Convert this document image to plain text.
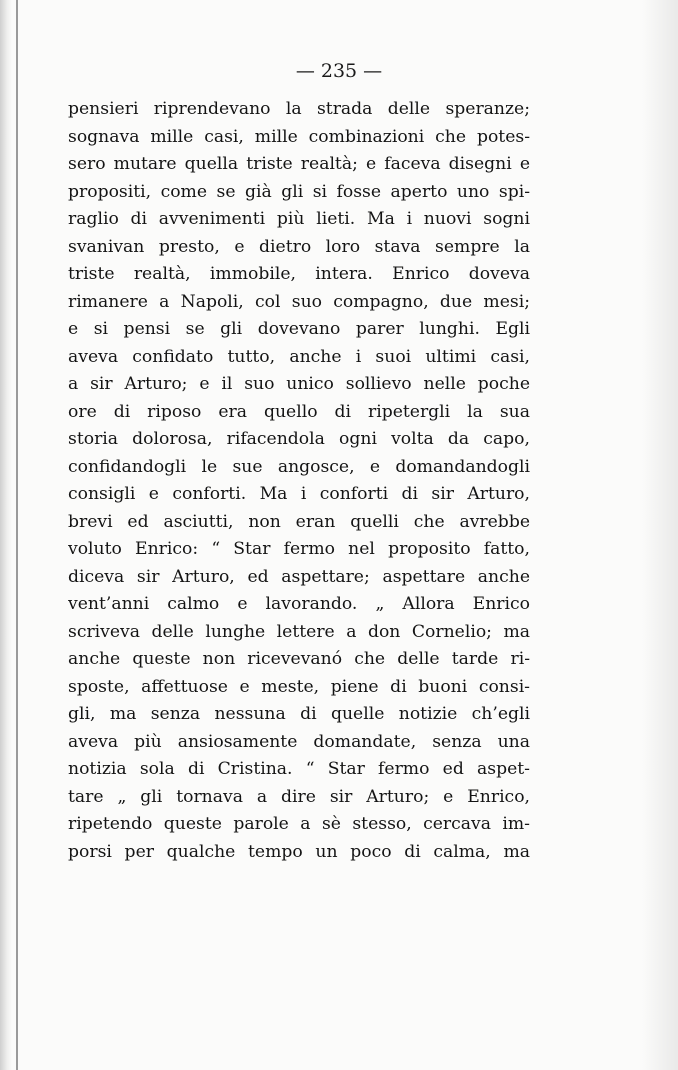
— 235 —
pensieri riprendevano la strada delle speranze;
sognava mille casi, mille combinazioni che potes-
sero mutare quella triste realtà; e faceva disegni e
propositi, come se già gli si fosse aperto uno spi-
raglio di avvenimenti più lieti. Ma i nuovi sogni
svanivan presto, e dietro loro stava sempre la
triste realtà, immobile, intera. Enrico doveva
rimanere a Napoli, col suo compagno, due mesi;
e si pensi se gli dovevano parer lunghi. Egli
aveva confidato tutto, anche i suoi ultimi casi,
a sir Arturo; e il suo unico sollievo nelle poche
ore di riposo era quello di ripetergli la sua
storia dolorosa, rifacendola ogni volta da capo,
confidandogli le sue angosce, e domandandogli
consigli e conforti. Ma i conforti di sir Arturo,
brevi ed asciutti, non eran quelli che avrebbe
voluto Enrico: “ Star fermo nel proposito fatto,
diceva sir Arturo, ed aspettare; aspettare anche
vent’anni calmo e lavorando. „ Allora Enrico
scriveva delle lunghe lettere a don Cornelio; ma
anche queste non ricevevanó che delle tarde ri-
sposte, affettuose e meste, piene di buoni consi-
gli, ma senza nessuna di quelle notizie ch’egli
aveva più ansiosamente domandate, senza una
notizia sola di Cristina. “ Star fermo ed aspet-
tare „ gli tornava a dire sir Arturo; e Enrico,
ripetendo queste parole a sè stesso, cercava im-
porsi per qualche tempo un poco di calma, ma
